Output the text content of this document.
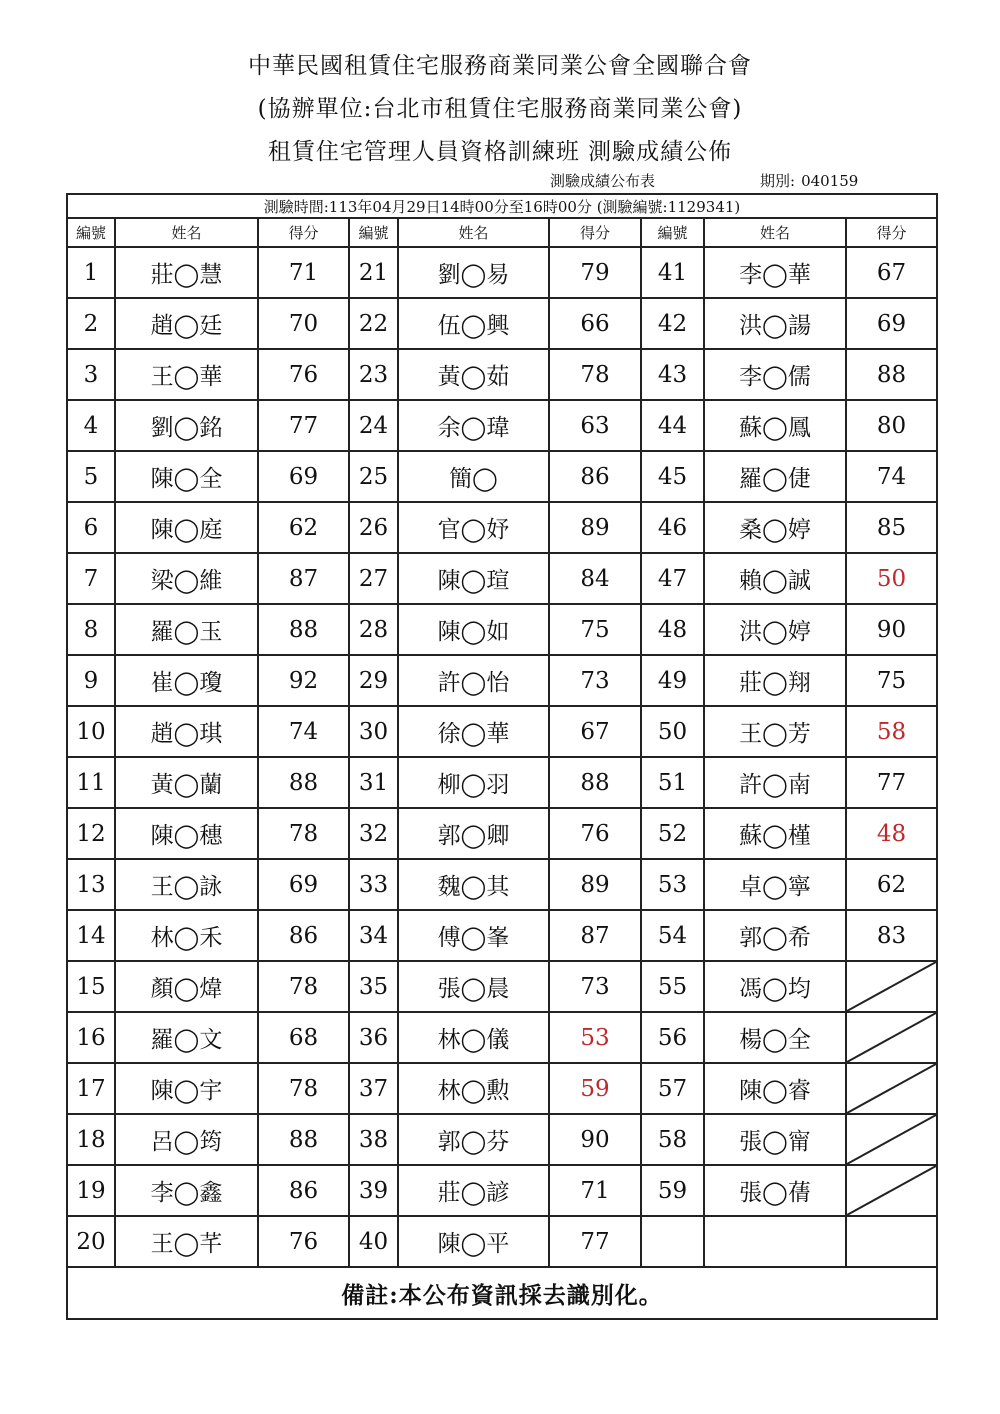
中華民國租賃住宅服務商業同業公會全國聯合會
(協辦單位:台北市租賃住宅服務商業同業公會)
租賃住宅管理人員資格訓練班 測驗成績公佈
測驗成績公布表	期別: 040159
測驗時間:113年04月29日14時00分至16時00分 (測驗編號:1129341)								
編號	姓名	得分	編號	姓名	得分	編號	姓名	得分
1	莊◯慧	71	21	劉◯易	79	41	李◯華	67
2	趙◯廷	70	22	伍◯興	66	42	洪◯諹	69
3	王◯華	76	23	黃◯茹	78	43	李◯儒	88
4	劉◯銘	77	24	余◯瑋	63	44	蘇◯鳳	80
5	陳◯全	69	25	簡◯	86	45	羅◯倢	74
6	陳◯庭	62	26	官◯妤	89	46	桑◯婷	85
7	梁◯維	87	27	陳◯瑄	84	47	賴◯誠	50
8	羅◯玉	88	28	陳◯如	75	48	洪◯婷	90
9	崔◯瓊	92	29	許◯怡	73	49	莊◯翔	75
10	趙◯琪	74	30	徐◯華	67	50	王◯芳	58
11	黃◯蘭	88	31	柳◯羽	88	51	許◯南	77
12	陳◯穗	78	32	郭◯卿	76	52	蘇◯槿	48
13	王◯詠	69	33	魏◯其	89	53	卓◯寧	62
14	林◯禾	86	34	傅◯峯	87	54	郭◯希	83
15	顏◯煒	78	35	張◯晨	73	55	馮◯均	

16	羅◯文	68	36	林◯儀	53	56	楊◯全	

17	陳◯宇	78	37	林◯勲	59	57	陳◯睿	

18	呂◯筠	88	38	郭◯芬	90	58	張◯甯	

19	李◯鑫	86	39	莊◯諺	71	59	張◯蒨	

20	王◯芊	76	40	陳◯平	77			
備註:本公布資訊採去識別化。								
